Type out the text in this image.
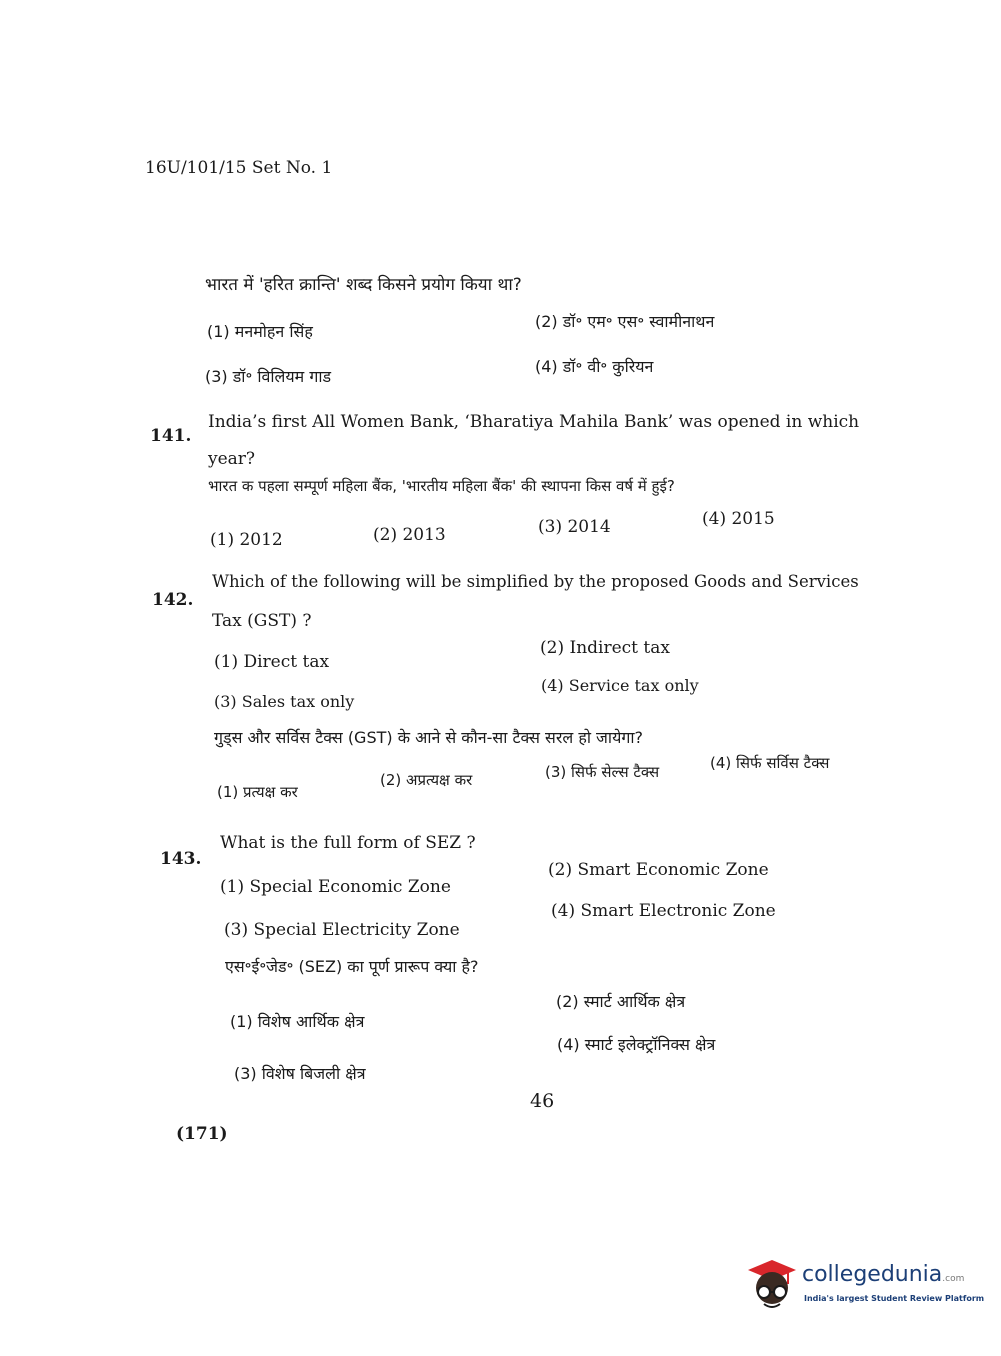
16U/101/15 Set No. 1
भारत में 'हरित क्रान्ति' शब्द किसने प्रयोग किया था?
(1) मनमोहन सिंह
(2) डॉ॰ एम॰ एस॰ स्वामीनाथन
(3) डॉ॰ विलियम गाड
(4) डॉ॰ वी॰ कुरियन
141.
India’s first All Women Bank, ‘Bharatiya Mahila Bank’ was opened in which
year?
भारत क पहला सम्पूर्ण महिला बैंक, 'भारतीय महिला बैंक' की स्थापना किस वर्ष में हुई?
(1) 2012	(2) 2013	(3) 2014	(4) 2015
142.
Which of the following will be simplified by the proposed Goods and Services
Tax (GST) ?
(1) Direct tax
(2) Indirect tax
(3) Sales tax only
(4) Service tax only
गुड्स और सर्विस टैक्स (GST) के आने से कौन-सा टैक्स सरल हो जायेगा?
(1) प्रत्यक्ष कर
(2) अप्रत्यक्ष कर	(3) सिर्फ सेल्स टैक्स	(4) सिर्फ सर्विस टैक्स
143.
What is the full form of SEZ ?
(1) Special Economic Zone
(2) Smart Economic Zone
(3) Special Electricity Zone
(4) Smart Electronic Zone
एस॰ई॰जेड॰ (SEZ) का पूर्ण प्रारूप क्या है?
(1) विशेष आर्थिक क्षेत्र
(2) स्मार्ट आर्थिक क्षेत्र
(3) विशेष बिजली क्षेत्र
(4) स्मार्ट इलेक्ट्रॉनिक्स क्षेत्र
46
(171)
collegedunia.com
India's largest Student Review Platform
